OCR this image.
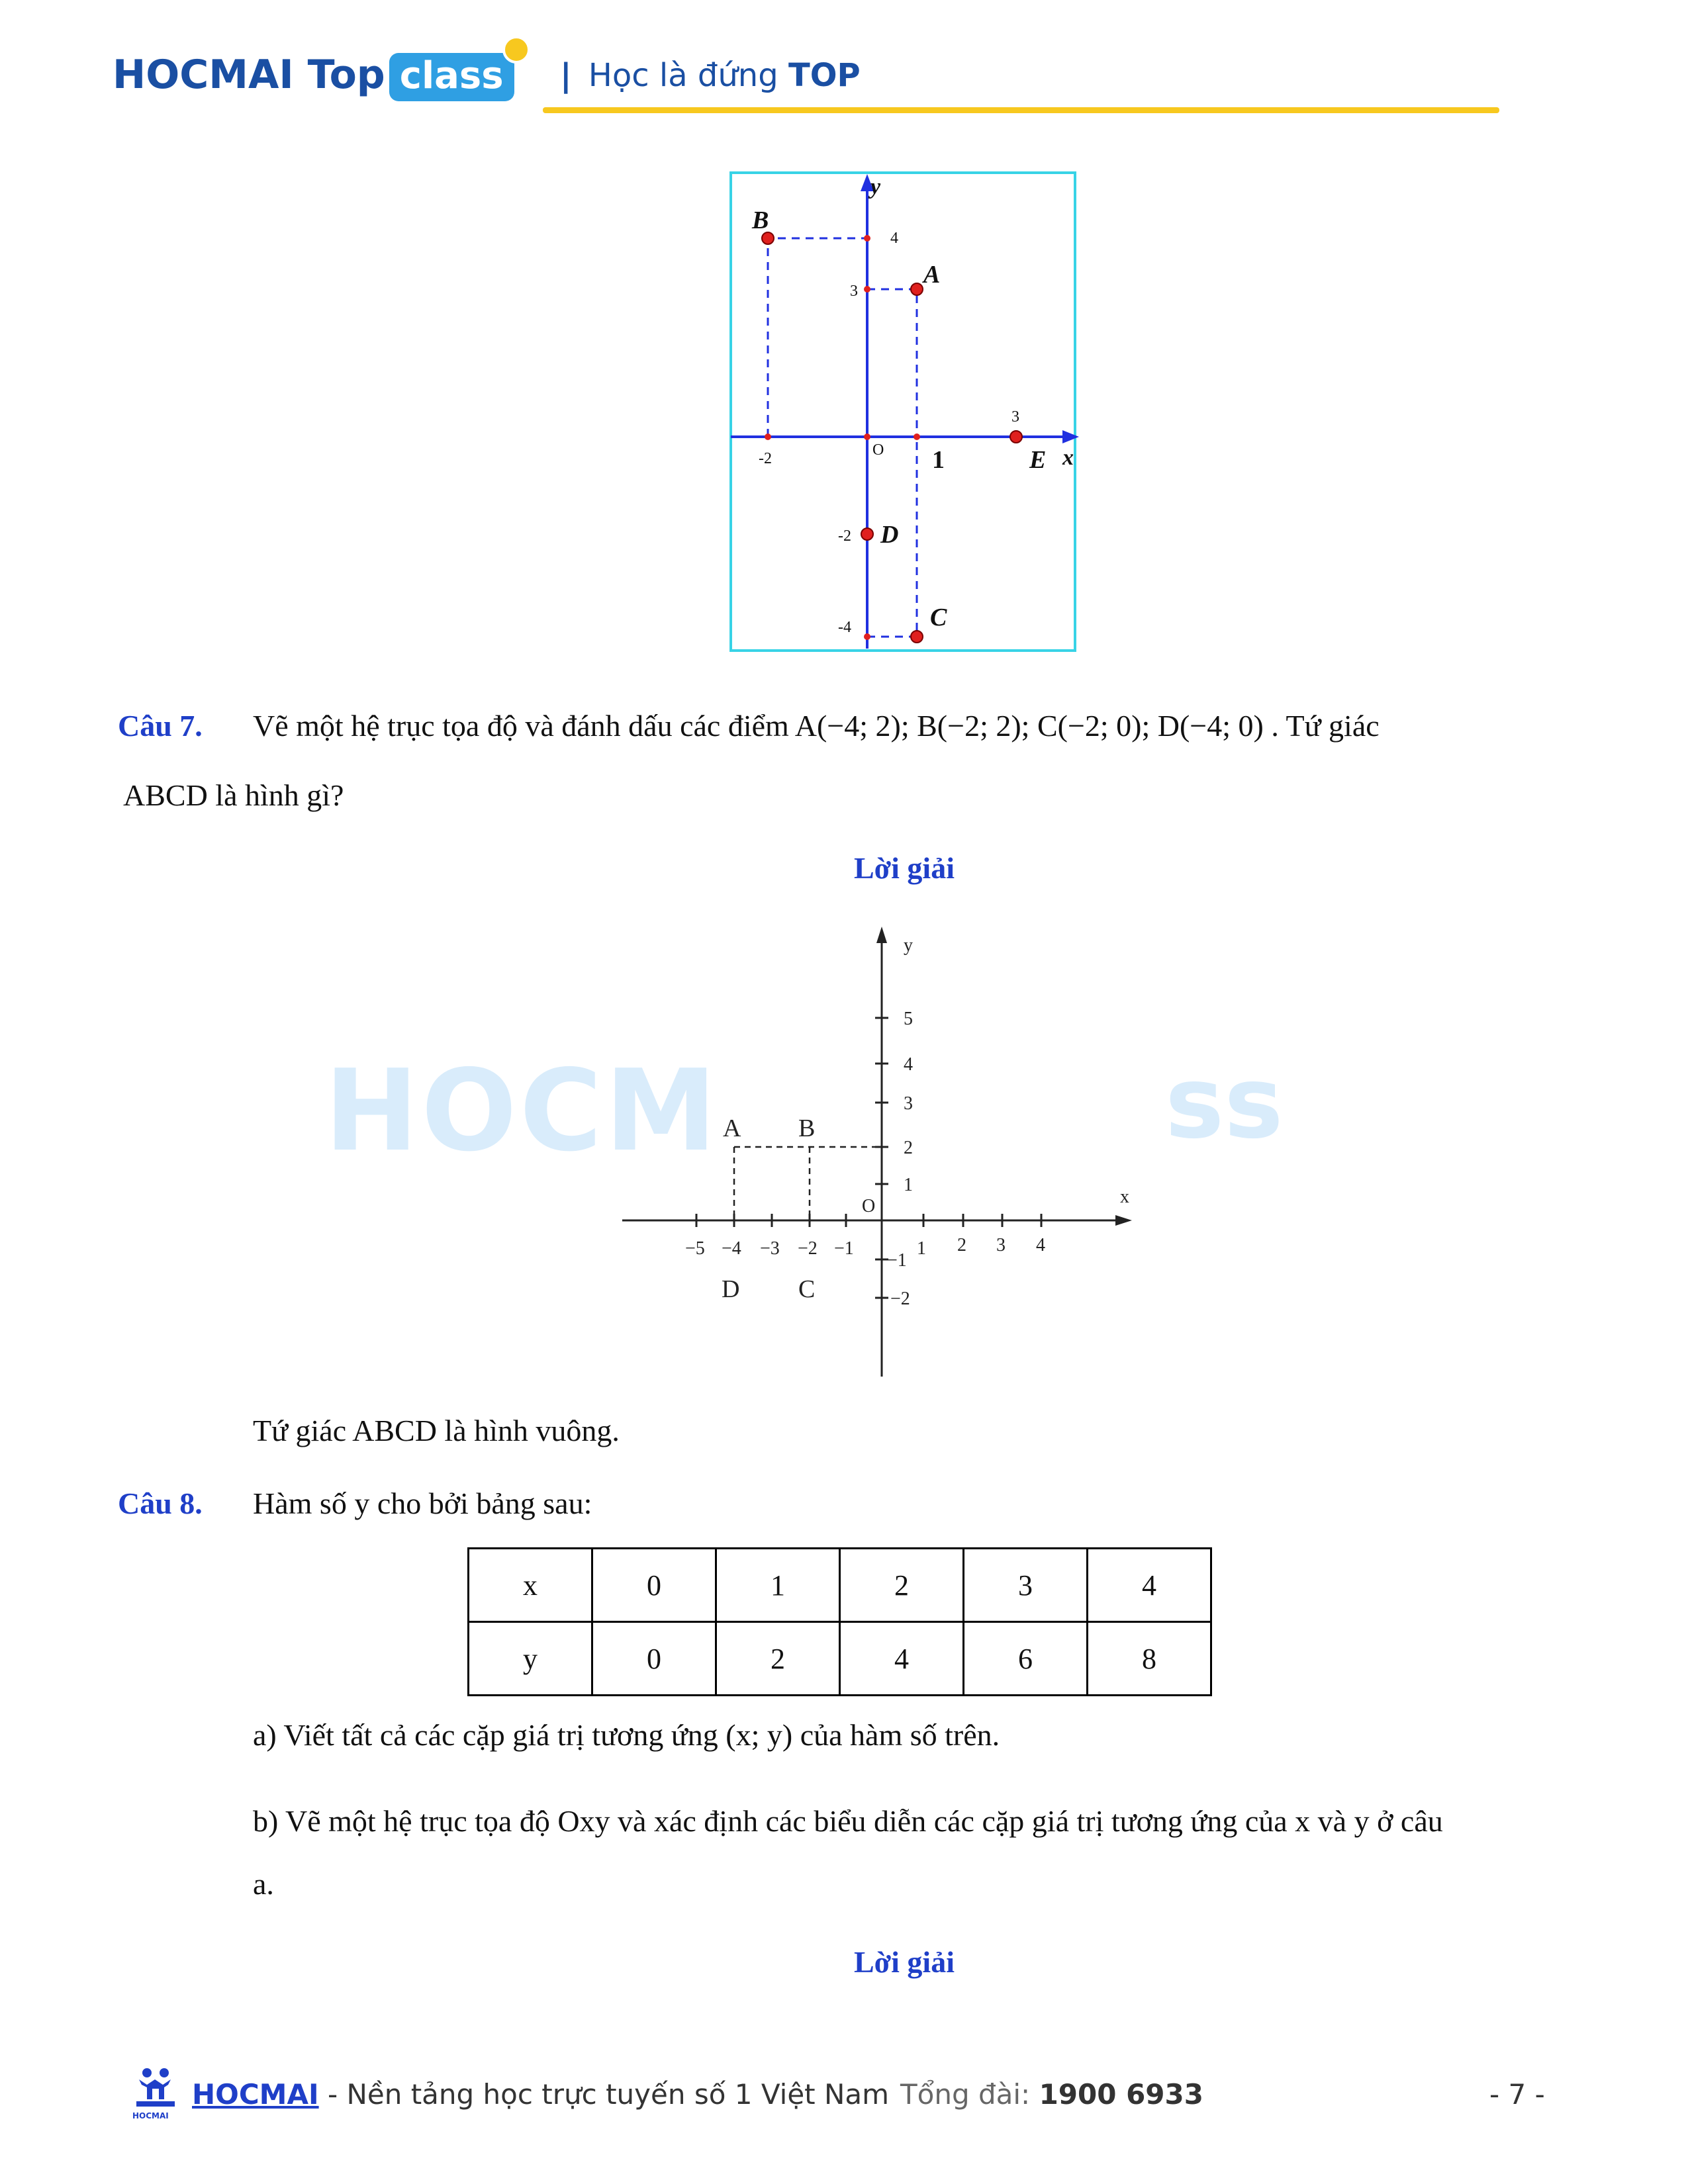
HOCMAI Top class	| Học là đứng TOP
y
x
B
A
E
D
C
4
3
3
-2	O 1
-2
-4
Câu 7. Vẽ một hệ trục tọa độ và đánh dấu các điểm A(−4; 2); B(−2; 2); C(−2; 0); D(−4; 0) . Tứ giác
ABCD là hình gì?
Lời giải
HOCM	ss
−5 −4 −3 −2 −1	1 2 3 4
5
4
3
2
1
−1
−2
O
y
x
A B
D C
Tứ giác ABCD là hình vuông.
Câu 8. Hàm số y cho bởi bảng sau:
x	0	1	2	3	4
y	0	2	4	6	8
a) Viết tất cả các cặp giá trị tương ứng (x; y) của hàm số trên.
b) Vẽ một hệ trục tọa độ Oxy và xác định các biểu diễn các cặp giá trị tương ứng của x và y ở câu
a.
Lời giải
HOCMAI
HOCMAI - Nền tảng học trực tuyến số 1 Việt Nam Tổng đài: 1900 6933	- 7 -
